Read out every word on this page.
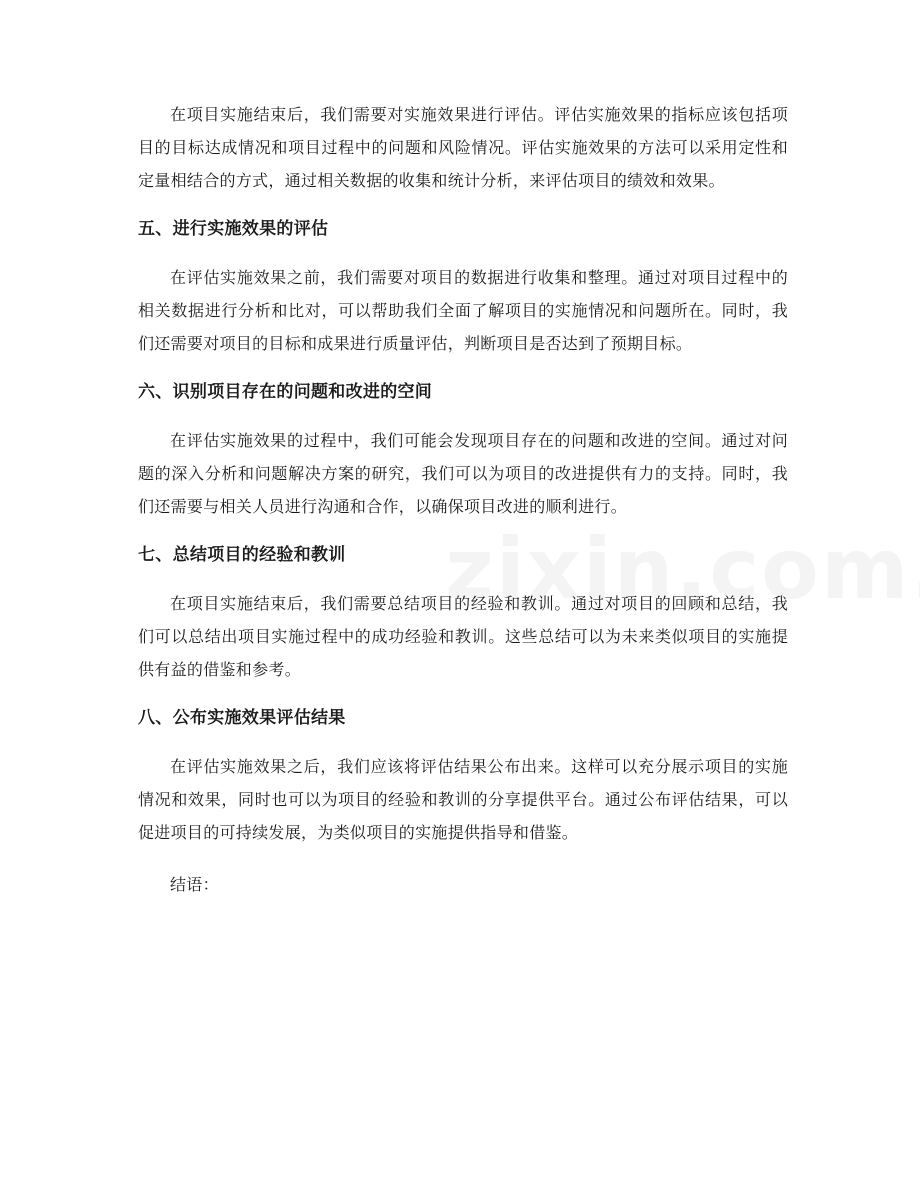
在项目实施结束后，我们需要对实施效果进行评估。评估实施效果的指标应该包括项目的目标达成情况和项目过程中的问题和风险情况。评估实施效果的方法可以采用定性和定量相结合的方式，通过相关数据的收集和统计分析，来评估项目的绩效和效果。

五、进行实施效果的评估

在评估实施效果之前，我们需要对项目的数据进行收集和整理。通过对项目过程中的相关数据进行分析和比对，可以帮助我们全面了解项目的实施情况和问题所在。同时，我们还需要对项目的目标和成果进行质量评估，判断项目是否达到了预期目标。

六、识别项目存在的问题和改进的空间

在评估实施效果的过程中，我们可能会发现项目存在的问题和改进的空间。通过对问题的深入分析和问题解决方案的研究，我们可以为项目的改进提供有力的支持。同时，我们还需要与相关人员进行沟通和合作，以确保项目改进的顺利进行。

七、总结项目的经验和教训

在项目实施结束后，我们需要总结项目的经验和教训。通过对项目的回顾和总结，我们可以总结出项目实施过程中的成功经验和教训。这些总结可以为未来类似项目的实施提供有益的借鉴和参考。

八、公布实施效果评估结果

在评估实施效果之后，我们应该将评估结果公布出来。这样可以充分展示项目的实施情况和效果，同时也可以为项目的经验和教训的分享提供平台。通过公布评估结果，可以促进项目的可持续发展，为类似项目的实施提供指导和借鉴。

结语：
